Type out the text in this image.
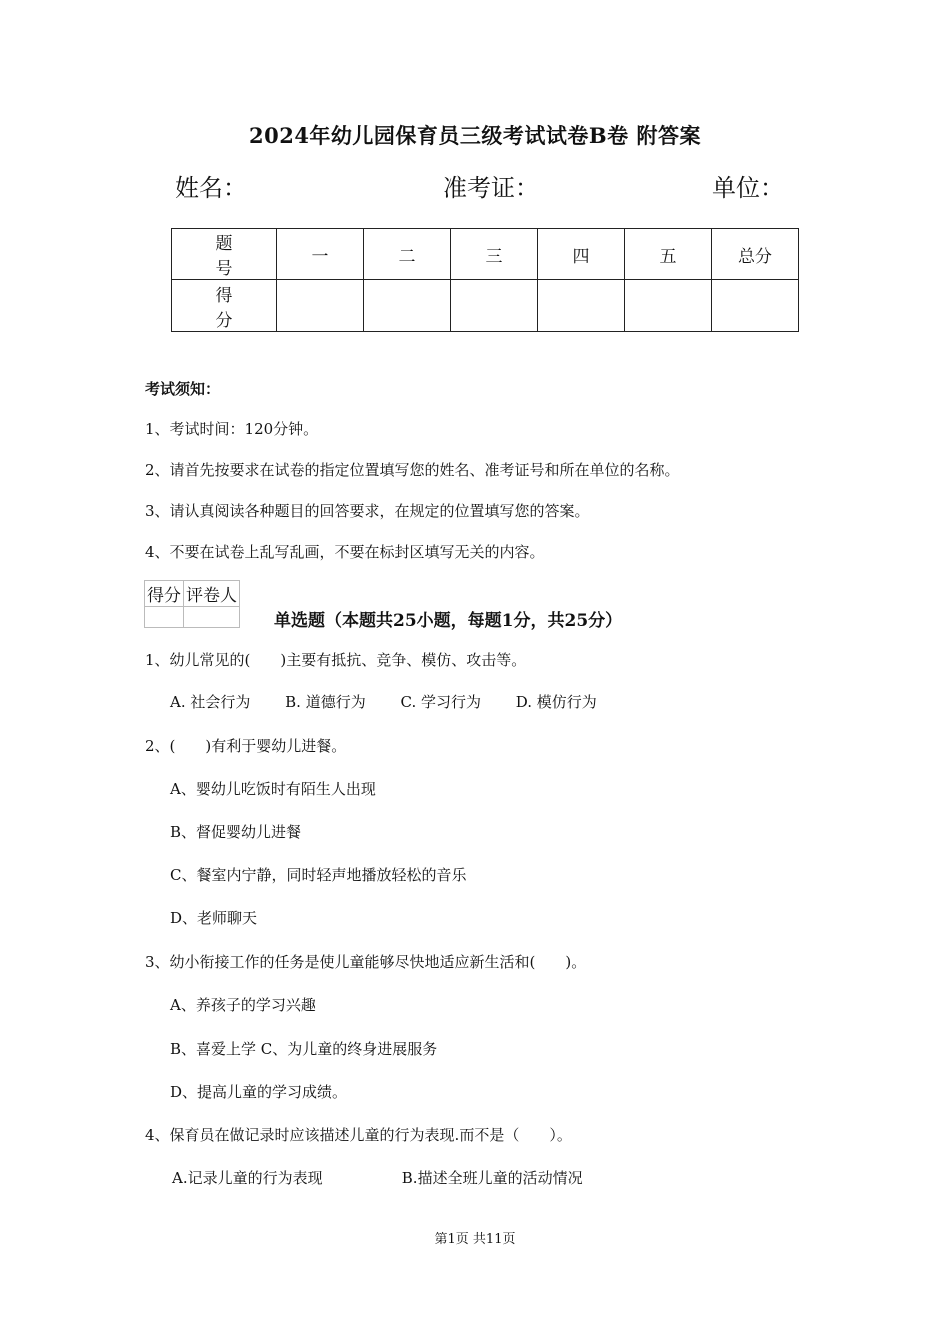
2024年幼儿园保育员三级考试试卷B卷 附答案
姓名：	准考证：	单位：
题 号	一	二	三	四	五	总分
得 分						
考试须知：
1、考试时间：120分钟。
2、请首先按要求在试卷的指定位置填写您的姓名、准考证号和所在单位的名称。
3、请认真阅读各种题目的回答要求，在规定的位置填写您的答案。
4、不要在试卷上乱写乱画，不要在标封区填写无关的内容。
得分	评卷人

单选题（本题共25小题，每题1分，共25分）
1、幼儿常见的(　　)主要有抵抗、竞争、模仿、攻击等。
A. 社会行为 B. 道德行为 C. 学习行为 D. 模仿行为
2、(　　)有利于婴幼儿进餐。
A、婴幼儿吃饭时有陌生人出现
B、督促婴幼儿进餐
C、餐室内宁静，同时轻声地播放轻松的音乐
D、老师聊天
3、幼小衔接工作的任务是使儿童能够尽快地适应新生活和(　　)。
A、养孩子的学习兴趣
B、喜爱上学 C、为儿童的终身进展服务
D、提高儿童的学习成绩。
4、保育员在做记录时应该描述儿童的行为表现.而不是（　　）。
A.记录儿童的行为表现	B.描述全班儿童的活动情况
第1页 共11页
